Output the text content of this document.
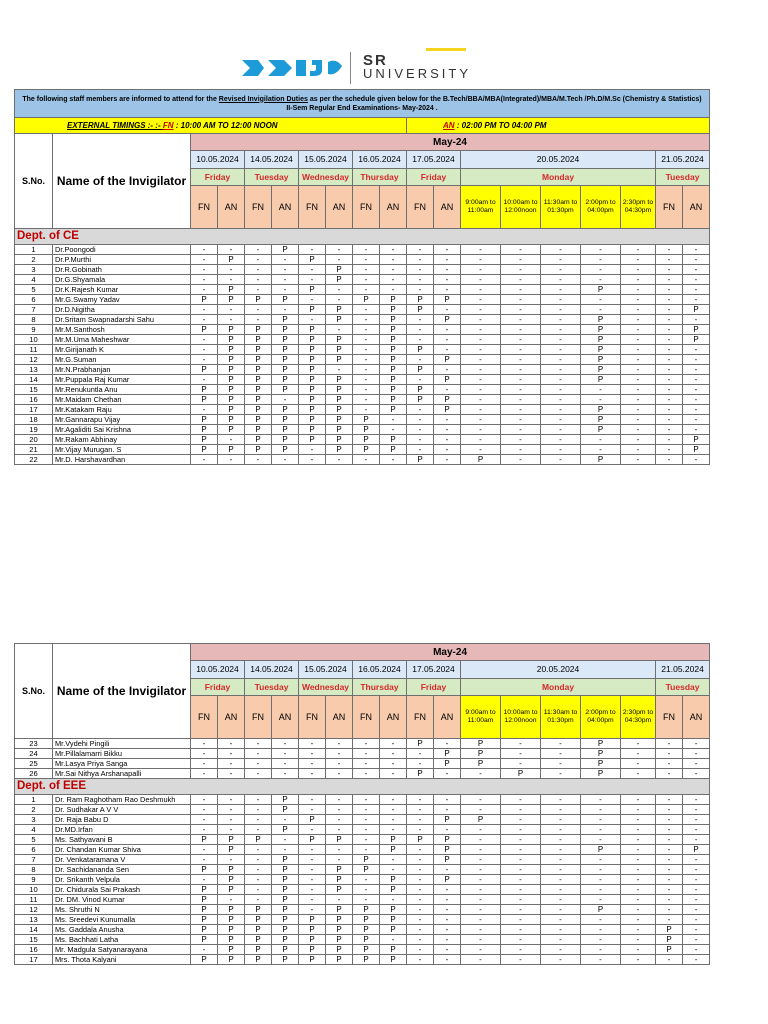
SR
UNIVERSITY
The following staff members are informed to attend for the Revised Invigilation Duties as per the schedule given below for the B.Tech/BBA/MBA(Integrated)/MBA/M.Tech /Ph.D/M.Sc (Chemistry & Statistics) II-Sem Regular End Examinations- May-2024 .																		
EXTERNAL TIMINGS :- :- FN : 10:00 AM TO 12:00 NOON										AN : 02:00 PM TO 04:00 PM								
S.No.	Name of the Invigilator	May-24																
		10.05.2024		14.05.2024		15.05.2024		16.05.2024		17.05.2024		20.05.2024					21.05.2024	
		Friday		Tuesday		Wednesday		Thursday		Friday		Monday					Tuesday	
		FN	AN	FN	AN	FN	AN	FN	AN	FN	AN	9:00am to 11:00am	10:00am to 12:00noon	11:30am to 01:30pm	2:00pm to 04:00pm	2:30pm to 04:30pm	FN	AN
Dept. of CE																		
1	Dr.Poongodi	-	-	-	P	-	-	-	-	-	-	-	-	-	-	-	-	-
2	Dr.P.Murthi	-	P	-	-	P	-	-	-	-	-	-	-	-	-	-	-	-
3	Dr.R.Gobinath	-	-	-	-	-	P	-	-	-	-	-	-	-	-	-	-	-
4	Dr.G.Shyamala	-	-	-	-	-	P	-	-	-	-	-	-	-	-	-	-	-
5	Dr.K.Rajesh Kumar	-	P	-	-	P	-	-	-	-	-	-	-	-	P	-	-	-
6	Mr.G.Swamy Yadav	P	P	P	P	-	-	P	P	P	P	-	-	-	-	-	-	-
7	Dr.D.Nigitha	-	-	-	-	P	P	-	P	P	-	-	-	-	-	-	-	P
8	Dr.Sritam Swapnadarshi Sahu	-	-	-	P	-	P	-	P	-	P	-	-	-	P	-	-	-
9	Mr.M.Santhosh	P	P	P	P	P	-	-	P	-	-	-	-	-	P	-	-	P
10	Mr.M.Uma Maheshwar	-	P	P	P	P	P	-	P	-	-	-	-	-	P	-	-	P
11	Mr.Girijanath K	-	P	P	P	P	P	-	P	P	-	-	-	-	P	-	-	-
12	Mr.G.Suman	-	P	P	P	P	P	-	P	-	P	-	-	-	P	-	-	-
13	Mr.N.Prabhanjan	P	P	P	P	P	-	-	P	P	-	-	-	-	P	-	-	-
14	Mr.Puppala Raj Kumar	-	P	P	P	P	P	-	P	-	P	-	-	-	P	-	-	-
15	Mr.Renukuntla Anu	P	P	P	P	P	P	-	P	P	-	-	-	-	-	-	-	-
16	Mr.Maidam Chethan	P	P	P	-	P	P	-	P	P	P	-	-	-	-	-	-	-
17	Mr.Katakam Raju	-	P	P	P	P	P	-	P	-	P	-	-	-	P	-	-	-
18	Mr.Gannarapu Vijay	P	P	P	P	P	P	P	-	-	-	-	-	-	P	-	-	-
19	Mr.Agaliditi Sai Krishna	P	P	P	P	P	P	P	-	-	-	-	-	-	P	-	-	-
20	Mr.Rakam Abhinay	P	-	P	P	P	P	P	P	-	-	-	-	-	-	-	-	P
21	Mr.Vijay Murugan. S	P	P	P	P	-	P	P	P	-	-	-	-	-	-	-	-	P
22	Mr.D. Harshavardhan	-	-	-	-	-	-	-	-	P	-	P	-	-	P	-	-	-
S.No.	Name of the Invigilator	May-24																
		10.05.2024		14.05.2024		15.05.2024		16.05.2024		17.05.2024		20.05.2024					21.05.2024	
		Friday		Tuesday		Wednesday		Thursday		Friday		Monday					Tuesday	
		FN	AN	FN	AN	FN	AN	FN	AN	FN	AN	9:00am to 11:00am	10:00am to 12:00noon	11:30am to 01:30pm	2:00pm to 04:00pm	2:30pm to 04:30pm	FN	AN
23	Mr.Vydehi Pingili	-	-	-	-	-	-	-	-	P	-	P	-	-	P	-	-	-
24	Mr.Pillalamarri Bikku	-	-	-	-	-	-	-	-	-	P	P	-	-	P	-	-	-
25	Mr.Lasya Priya Sanga	-	-	-	-	-	-	-	-	-	P	P	-	-	P	-	-	-
26	Mr.Sai Nithya Arshanapalli	-	-	-	-	-	-	-	-	P	-	-	P	-	P	-	-	-
Dept. of EEE																		
1	Dr. Ram Raghotham Rao Deshmukh	-	-	-	P	-	-	-	-	-	-	-	-	-	-	-	-	-
2	Dr. Sudhakar A V V	-	-	-	P	-	-	-	-	-	-	-	-	-	-	-	-	-
3	Dr. Raja Babu D	-	-	-	-	P	-	-	-	-	P	P	-	-	-	-	-	-
4	Dr.MD.Irfan	-	-	-	P	-	-	-	-	-	-	-	-	-	-	-	-	-
5	Ms. Sathyavani B	P	P	P	-	P	P	-	P	P	P	-	-	-	-	-	-	-
6	Dr. Chandan Kumar Shiva	-	P	-	-	-	-	-	P	-	P	-	-	-	P	-	-	P
7	Dr. Venkataramana V	-	-	-	P	-	-	P	-	-	P	-	-	-	-	-	-	-
8	Dr. Sachidananda Sen	P	P	-	P	-	P	P	-	-	-	-	-	-	-	-	-	-
9	Dr. Srikanth Velpula	-	P	-	P	-	P	-	P	-	P	-	-	-	-	-	-	-
10	Dr. Chidurala Sai Prakash	P	P	-	P	-	P	-	P	-	-	-	-	-	-	-	-	-
11	Dr. DM. Vinod Kumar	P	-	-	P	-	-	-	-	-	-	-	-	-	-	-	-	-
12	Ms. Shruthi N	P	P	P	P	-	P	P	P	-	-	-	-	-	P	-	-	-
13	Ms. Sreedevi Kunumalla	P	P	P	P	P	P	P	P	-	-	-	-	-	-	-	-	-
14	Ms. Gaddala Anusha	P	P	P	P	P	P	P	P	-	-	-	-	-	-	-	P	-
15	Ms. Bachhati Latha	P	P	P	P	P	P	P	-	-	-	-	-	-	-	-	P	-
16	Mr. Madgula Satyanarayana	-	P	P	P	P	P	P	P	-	-	-	-	-	-	-	P	-
17	Mrs. Thota Kalyani	P	P	P	P	P	P	P	P	-	-	-	-	-	-	-	-	-
